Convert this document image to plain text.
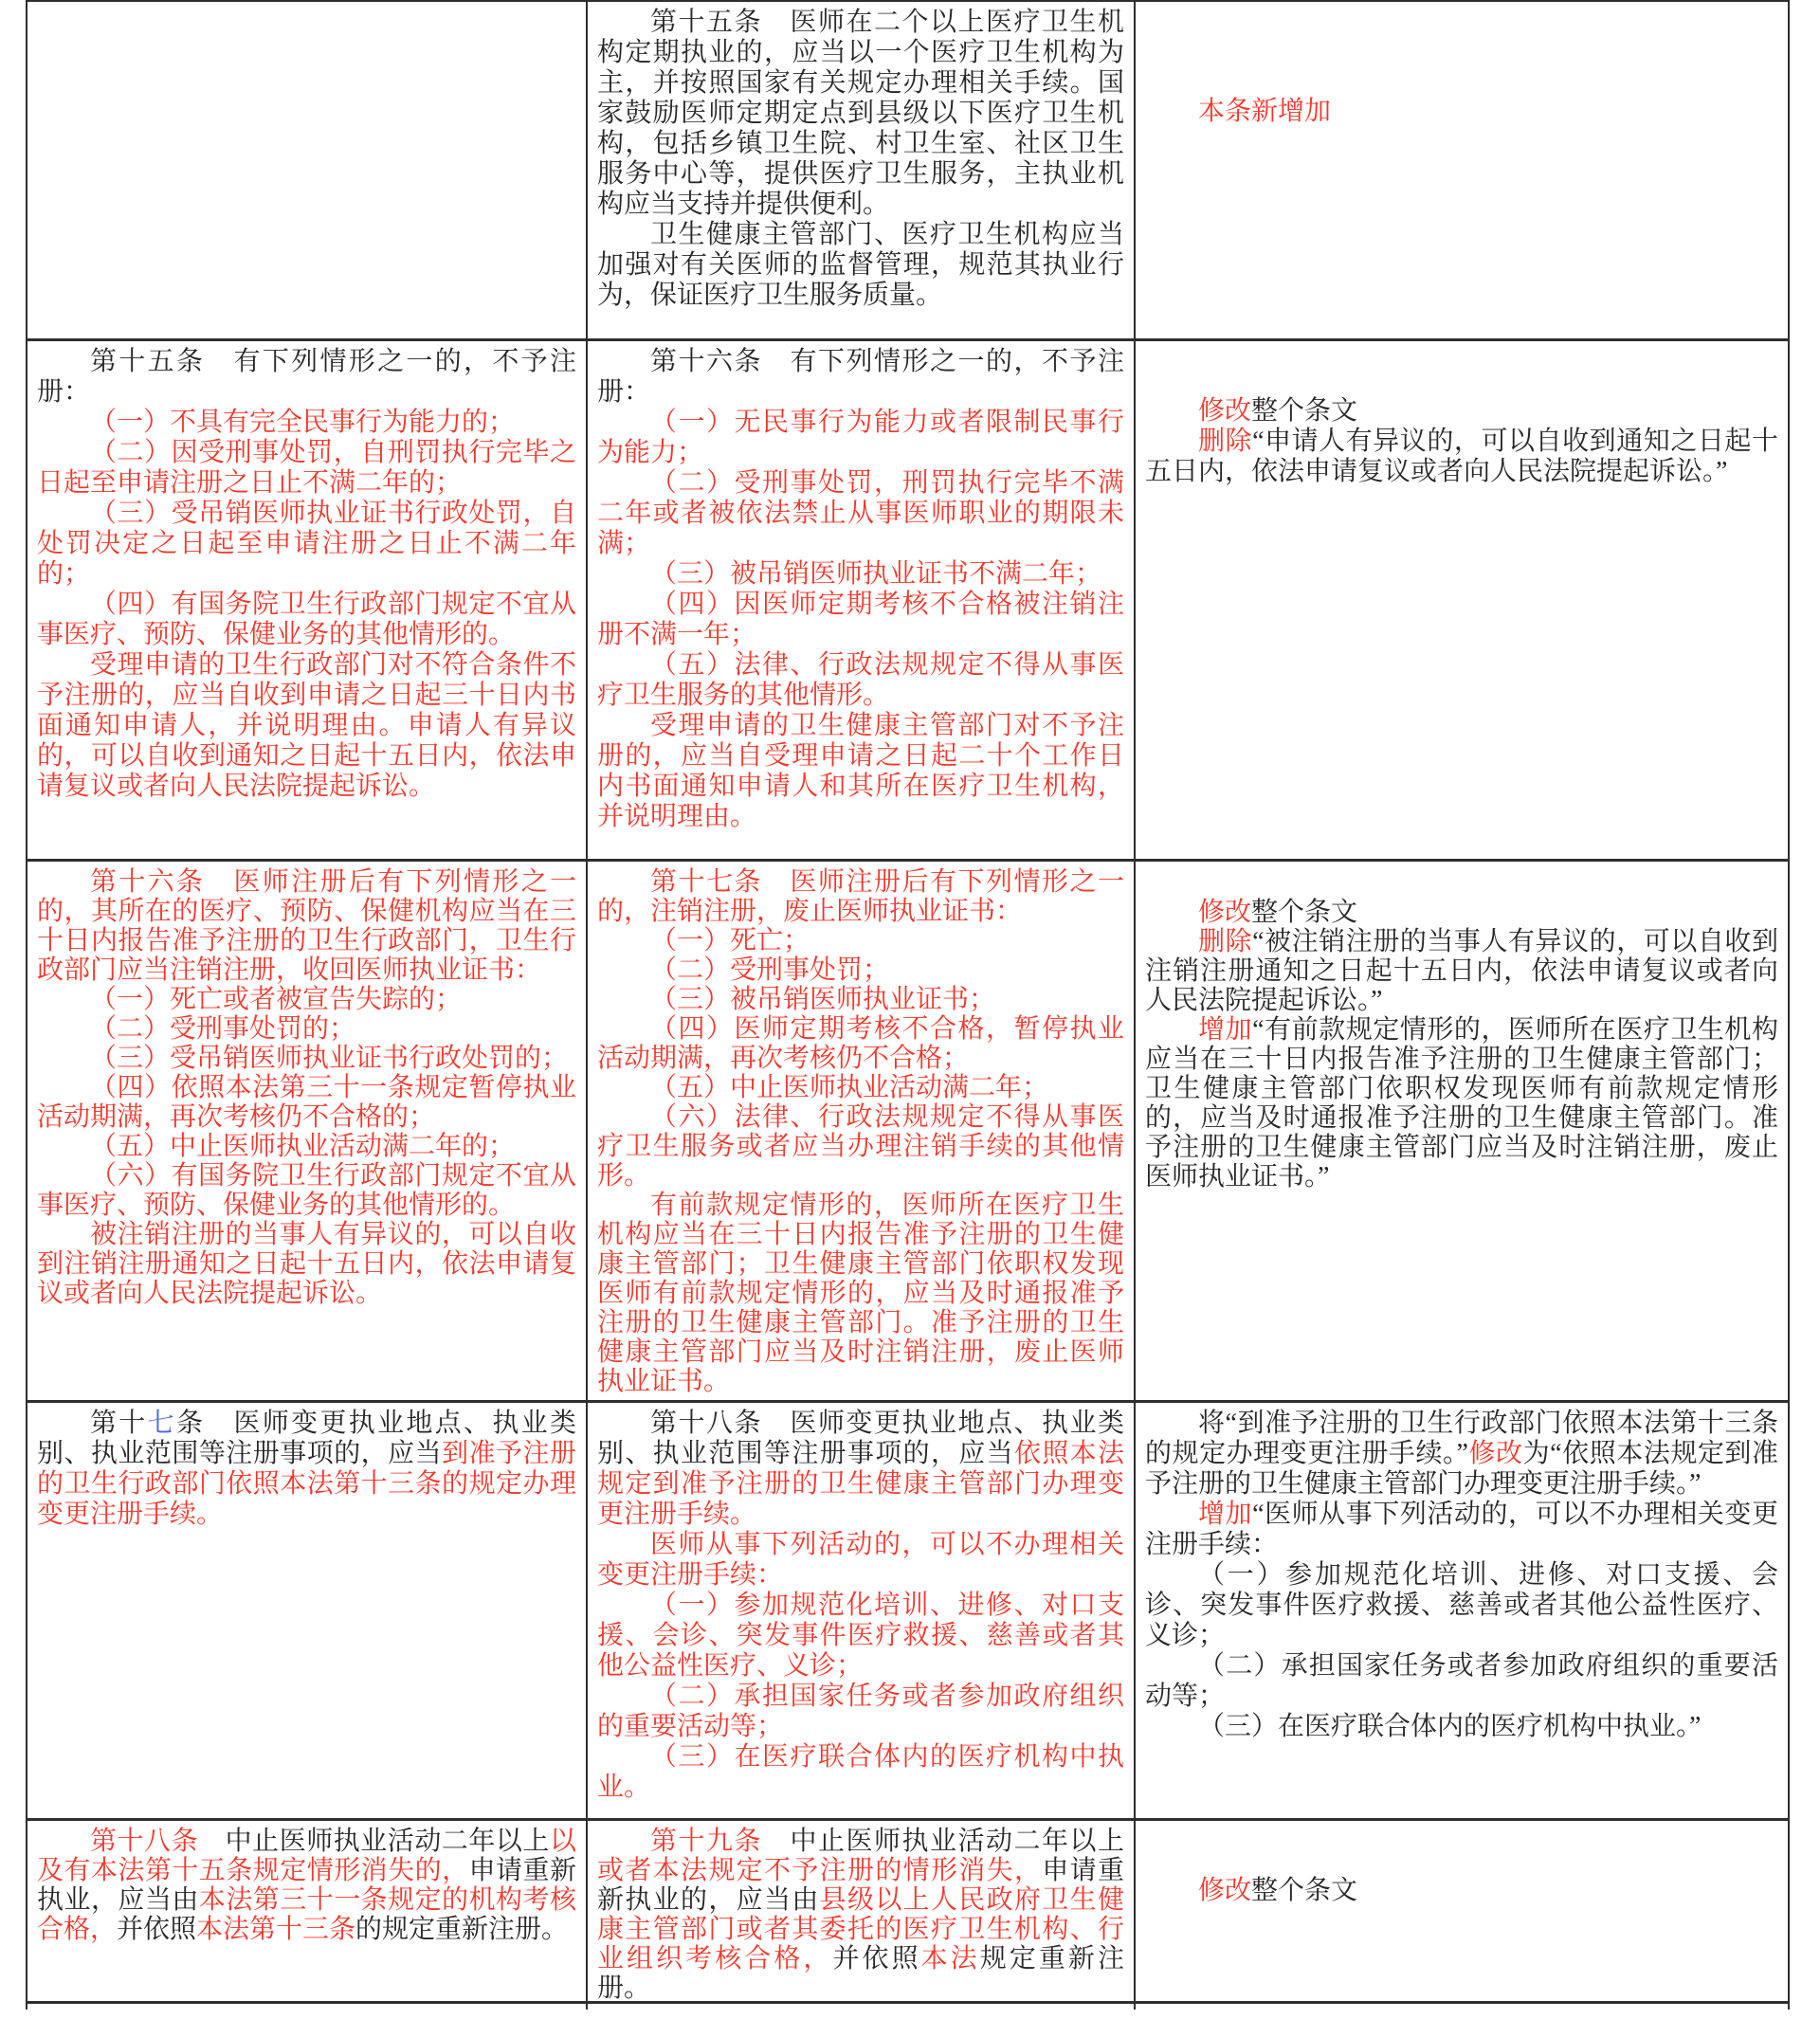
第十五条　医师在二个以上医疗卫生机构定期执业的，应当以一个医疗卫生机构为主，并按照国家有关规定办理相关手续。国家鼓励医师定期定点到县级以下医疗卫生机构，包括乡镇卫生院、村卫生室、社区卫生服务中心等，提供医疗卫生服务，主执业机构应当支持并提供便利。

卫生健康主管部门、医疗卫生机构应当加强对有关医师的监督管理，规范其执业行为，保证医疗卫生服务质量。

本条新增加

第十五条　有下列情形之一的，不予注册：

（一）不具有完全民事行为能力的；

（二）因受刑事处罚，自刑罚执行完毕之日起至申请注册之日止不满二年的；

（三）受吊销医师执业证书行政处罚，自处罚决定之日起至申请注册之日止不满二年的；

（四）有国务院卫生行政部门规定不宜从事医疗、预防、保健业务的其他情形的。

受理申请的卫生行政部门对不符合条件不予注册的，应当自收到申请之日起三十日内书面通知申请人，并说明理由。申请人有异议的，可以自收到通知之日起十五日内，依法申请复议或者向人民法院提起诉讼。

第十六条　有下列情形之一的，不予注册：

（一）无民事行为能力或者限制民事行为能力；

（二）受刑事处罚，刑罚执行完毕不满二年或者被依法禁止从事医师职业的期限未满；

（三）被吊销医师执业证书不满二年；

（四）因医师定期考核不合格被注销注册不满一年；

（五）法律、行政法规规定不得从事医疗卫生服务的其他情形。

受理申请的卫生健康主管部门对不予注册的，应当自受理申请之日起二十个工作日内书面通知申请人和其所在医疗卫生机构，并说明理由。

修改整个条文

删除“申请人有异议的，可以自收到通知之日起十五日内，依法申请复议或者向人民法院提起诉讼。”

第十六条　医师注册后有下列情形之一的，其所在的医疗、预防、保健机构应当在三十日内报告准予注册的卫生行政部门，卫生行政部门应当注销注册，收回医师执业证书：

（一）死亡或者被宣告失踪的；

（二）受刑事处罚的；

（三）受吊销医师执业证书行政处罚的；

（四）依照本法第三十一条规定暂停执业活动期满，再次考核仍不合格的；

（五）中止医师执业活动满二年的；

（六）有国务院卫生行政部门规定不宜从事医疗、预防、保健业务的其他情形的。

被注销注册的当事人有异议的，可以自收到注销注册通知之日起十五日内，依法申请复议或者向人民法院提起诉讼。

第十七条　医师注册后有下列情形之一的，注销注册，废止医师执业证书：

（一）死亡；

（二）受刑事处罚；

（三）被吊销医师执业证书；

（四）医师定期考核不合格，暂停执业活动期满，再次考核仍不合格；

（五）中止医师执业活动满二年；

（六）法律、行政法规规定不得从事医疗卫生服务或者应当办理注销手续的其他情形。

有前款规定情形的，医师所在医疗卫生机构应当在三十日内报告准予注册的卫生健康主管部门；卫生健康主管部门依职权发现医师有前款规定情形的，应当及时通报准予注册的卫生健康主管部门。准予注册的卫生健康主管部门应当及时注销注册，废止医师执业证书。

修改整个条文

删除“被注销注册的当事人有异议的，可以自收到注销注册通知之日起十五日内，依法申请复议或者向人民法院提起诉讼。”

增加“有前款规定情形的，医师所在医疗卫生机构应当在三十日内报告准予注册的卫生健康主管部门；卫生健康主管部门依职权发现医师有前款规定情形的，应当及时通报准予注册的卫生健康主管部门。准予注册的卫生健康主管部门应当及时注销注册，废止医师执业证书。”

第十七条　医师变更执业地点、执业类别、执业范围等注册事项的，应当到准予注册的卫生行政部门依照本法第十三条的规定办理变更注册手续。

第十八条　医师变更执业地点、执业类别、执业范围等注册事项的，应当依照本法规定到准予注册的卫生健康主管部门办理变更注册手续。

医师从事下列活动的，可以不办理相关变更注册手续：

（一）参加规范化培训、进修、对口支援、会诊、突发事件医疗救援、慈善或者其他公益性医疗、义诊；

（二）承担国家任务或者参加政府组织的重要活动等；

（三）在医疗联合体内的医疗机构中执业。

将“到准予注册的卫生行政部门依照本法第十三条的规定办理变更注册手续。”修改为“依照本法规定到准予注册的卫生健康主管部门办理变更注册手续。”

增加“医师从事下列活动的，可以不办理相关变更注册手续：

（一）参加规范化培训、进修、对口支援、会诊、突发事件医疗救援、慈善或者其他公益性医疗、义诊；

（二）承担国家任务或者参加政府组织的重要活动等；

（三）在医疗联合体内的医疗机构中执业。”

第十八条　中止医师执业活动二年以上以及有本法第十五条规定情形消失的，申请重新执业，应当由本法第三十一条规定的机构考核合格，并依照本法第十三条的规定重新注册。

第十九条　中止医师执业活动二年以上或者本法规定不予注册的情形消失，申请重新执业的，应当由县级以上人民政府卫生健康主管部门或者其委托的医疗卫生机构、行业组织考核合格，并依照本法规定重新注册。

修改整个条文
